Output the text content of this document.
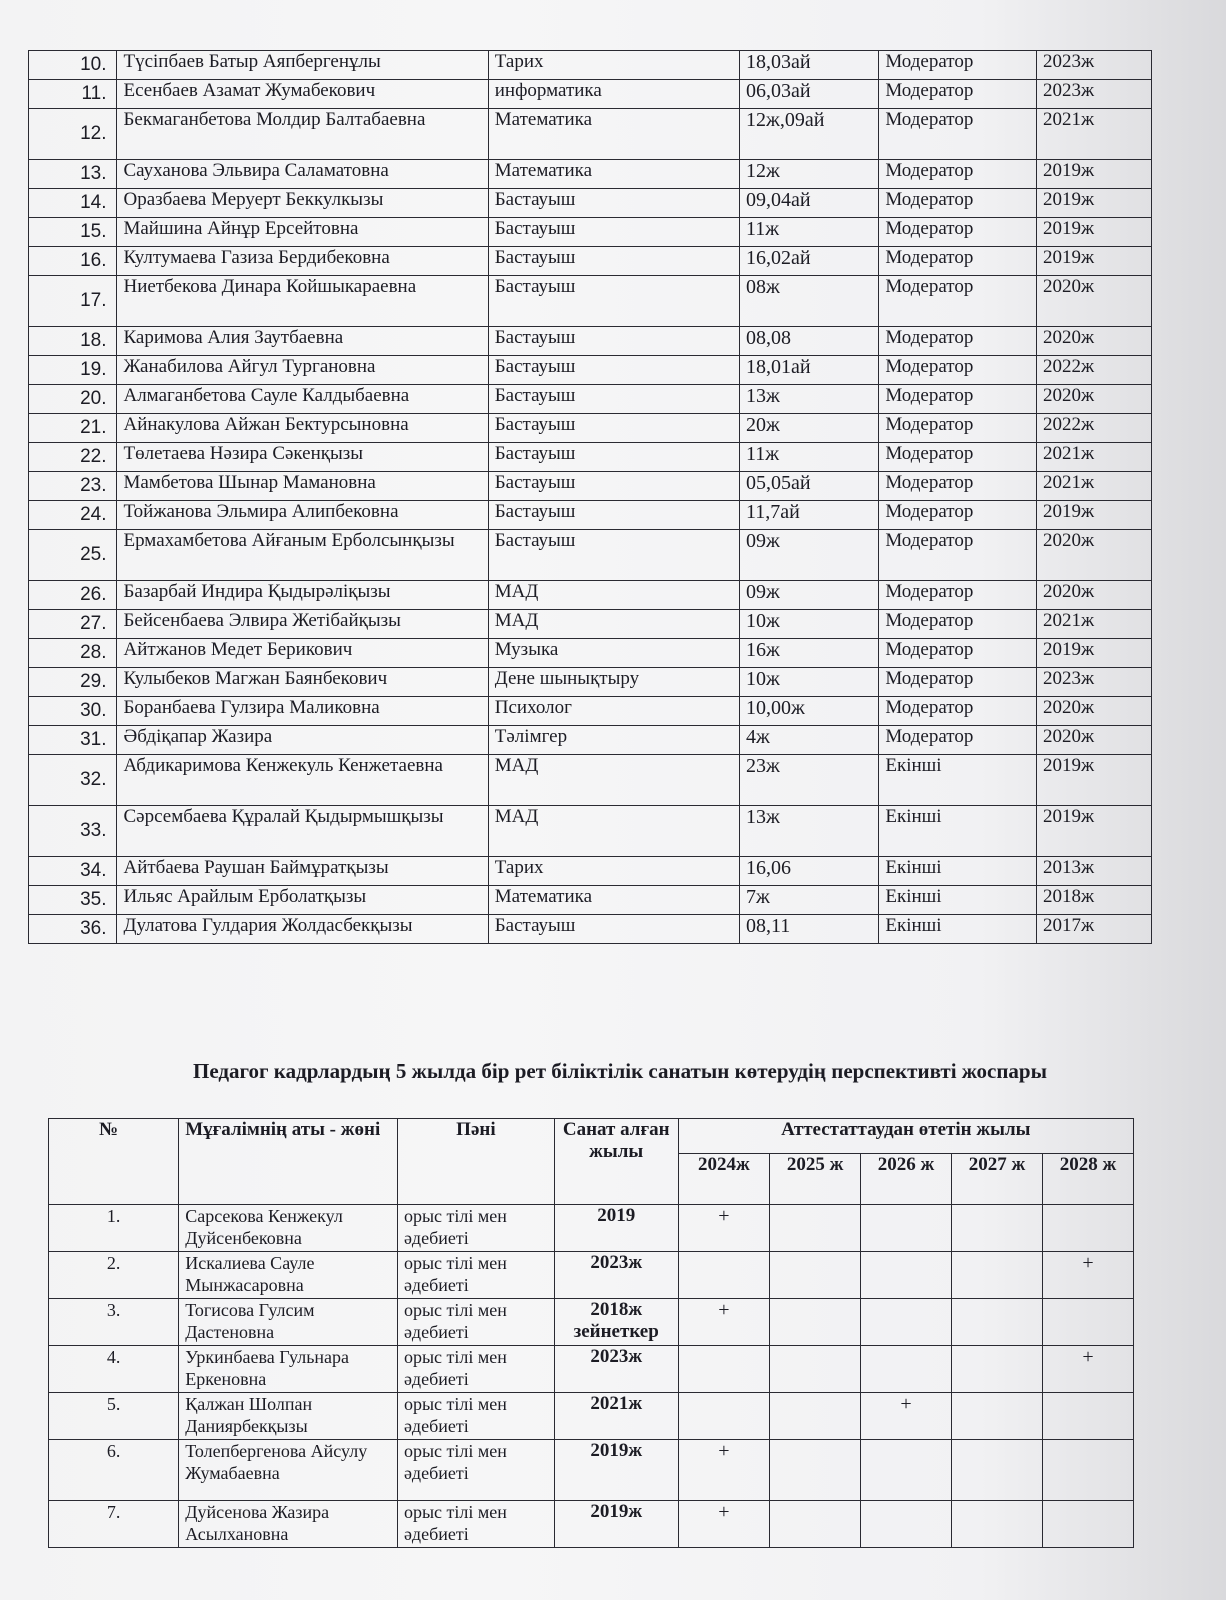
10.	Түсіпбаев Батыр Аяпбергенұлы	Тарих	18,03ай	Модератор	2023ж
11.	Есенбаев Азамат Жумабекович	информатика	06,03ай	Модератор	2023ж
12.	Бекмаганбетова Молдир Балтабаевна	Математика	12ж,09ай	Модератор	2021ж
13.	Сауханова Эльвира Саламатовна	Математика	12ж	Модератор	2019ж
14.	Оразбаева Меруерт Беккулкызы	Бастауыш	09,04ай	Модератор	2019ж
15.	Майшина Айнұр Ерсейтовна	Бастауыш	11ж	Модератор	2019ж
16.	Култумаева Газиза Бердибековна	Бастауыш	16,02ай	Модератор	2019ж
17.	Ниетбекова Динара Койшыкараевна	Бастауыш	08ж	Модератор	2020ж
18.	Каримова Алия Заутбаевна	Бастауыш	08,08	Модератор	2020ж
19.	Жанабилова Айгул Тургановна	Бастауыш	18,01ай	Модератор	2022ж
20.	Алмаганбетова Сауле Калдыбаевна	Бастауыш	13ж	Модератор	2020ж
21.	Айнакулова Айжан Бектурсыновна	Бастауыш	20ж	Модератор	2022ж
22.	Төлетаева Нәзира Сәкенқызы	Бастауыш	11ж	Модератор	2021ж
23.	Мамбетова Шынар Мамановна	Бастауыш	05,05ай	Модератор	2021ж
24.	Тойжанова Эльмира Алипбековна	Бастауыш	11,7ай	Модератор	2019ж
25.	Ермахамбетова Айғаным Ерболсынқызы	Бастауыш	09ж	Модератор	2020ж
26.	Базарбай Индира Қыдырәліқызы	МАД	09ж	Модератор	2020ж
27.	Бейсенбаева Элвира Жетібайқызы	МАД	10ж	Модератор	2021ж
28.	Айтжанов Медет Берикович	Музыка	16ж	Модератор	2019ж
29.	Кулыбеков Магжан Баянбекович	Дене шынықтыру	10ж	Модератор	2023ж
30.	Боранбаева Гулзира Маликовна	Психолог	10,00ж	Модератор	2020ж
31.	Әбдіқапар Жазира	Тәлімгер	4ж	Модератор	2020ж
32.	Абдикаримова Кенжекуль Кенжетаевна	МАД	23ж	Екінші	2019ж
33.	Сәрсембаева Құралай Қыдырмышқызы	МАД	13ж	Екінші	2019ж
34.	Айтбаева Раушан Баймұратқызы	Тарих	16,06	Екінші	2013ж
35.	Ильяс Арайлым Ерболатқызы	Математика	7ж	Екінші	2018ж
36.	Дулатова Гулдария Жолдасбекқызы	Бастауыш	08,11	Екінші	2017ж
Педагог кадрлардың 5 жылда бір рет біліктілік санатын көтерудің перспективті жоспары
№	Мұғалімнің аты - жөні	Пәні	Санат алған жылы	Аттестаттаудан өтетін жылы				
				2024ж	2025 ж	2026 ж	2027 ж	2028 ж
1.	Сарсекова Кенжекул Дуйсенбековна	орыс тілі мен әдебиеті	2019	+				
2.	Искалиева Сауле Мынжасаровна	орыс тілі мен әдебиеті	2023ж					+
3.	Тогисова Гулсим Дастеновна	орыс тілі мен әдебиеті	2018ж зейнеткер	+				
4.	Уркинбаева Гульнара Еркеновна	орыс тілі мен әдебиеті	2023ж					+
5.	Қалжан Шолпан Даниярбекқызы	орыс тілі мен әдебиеті	2021ж			+		
6.	Толепбергенова Айсулу Жумабаевна	орыс тілі мен әдебиеті	2019ж	+				
7.	Дуйсенова Жазира Асылхановна	орыс тілі мен әдебиеті	2019ж	+				
